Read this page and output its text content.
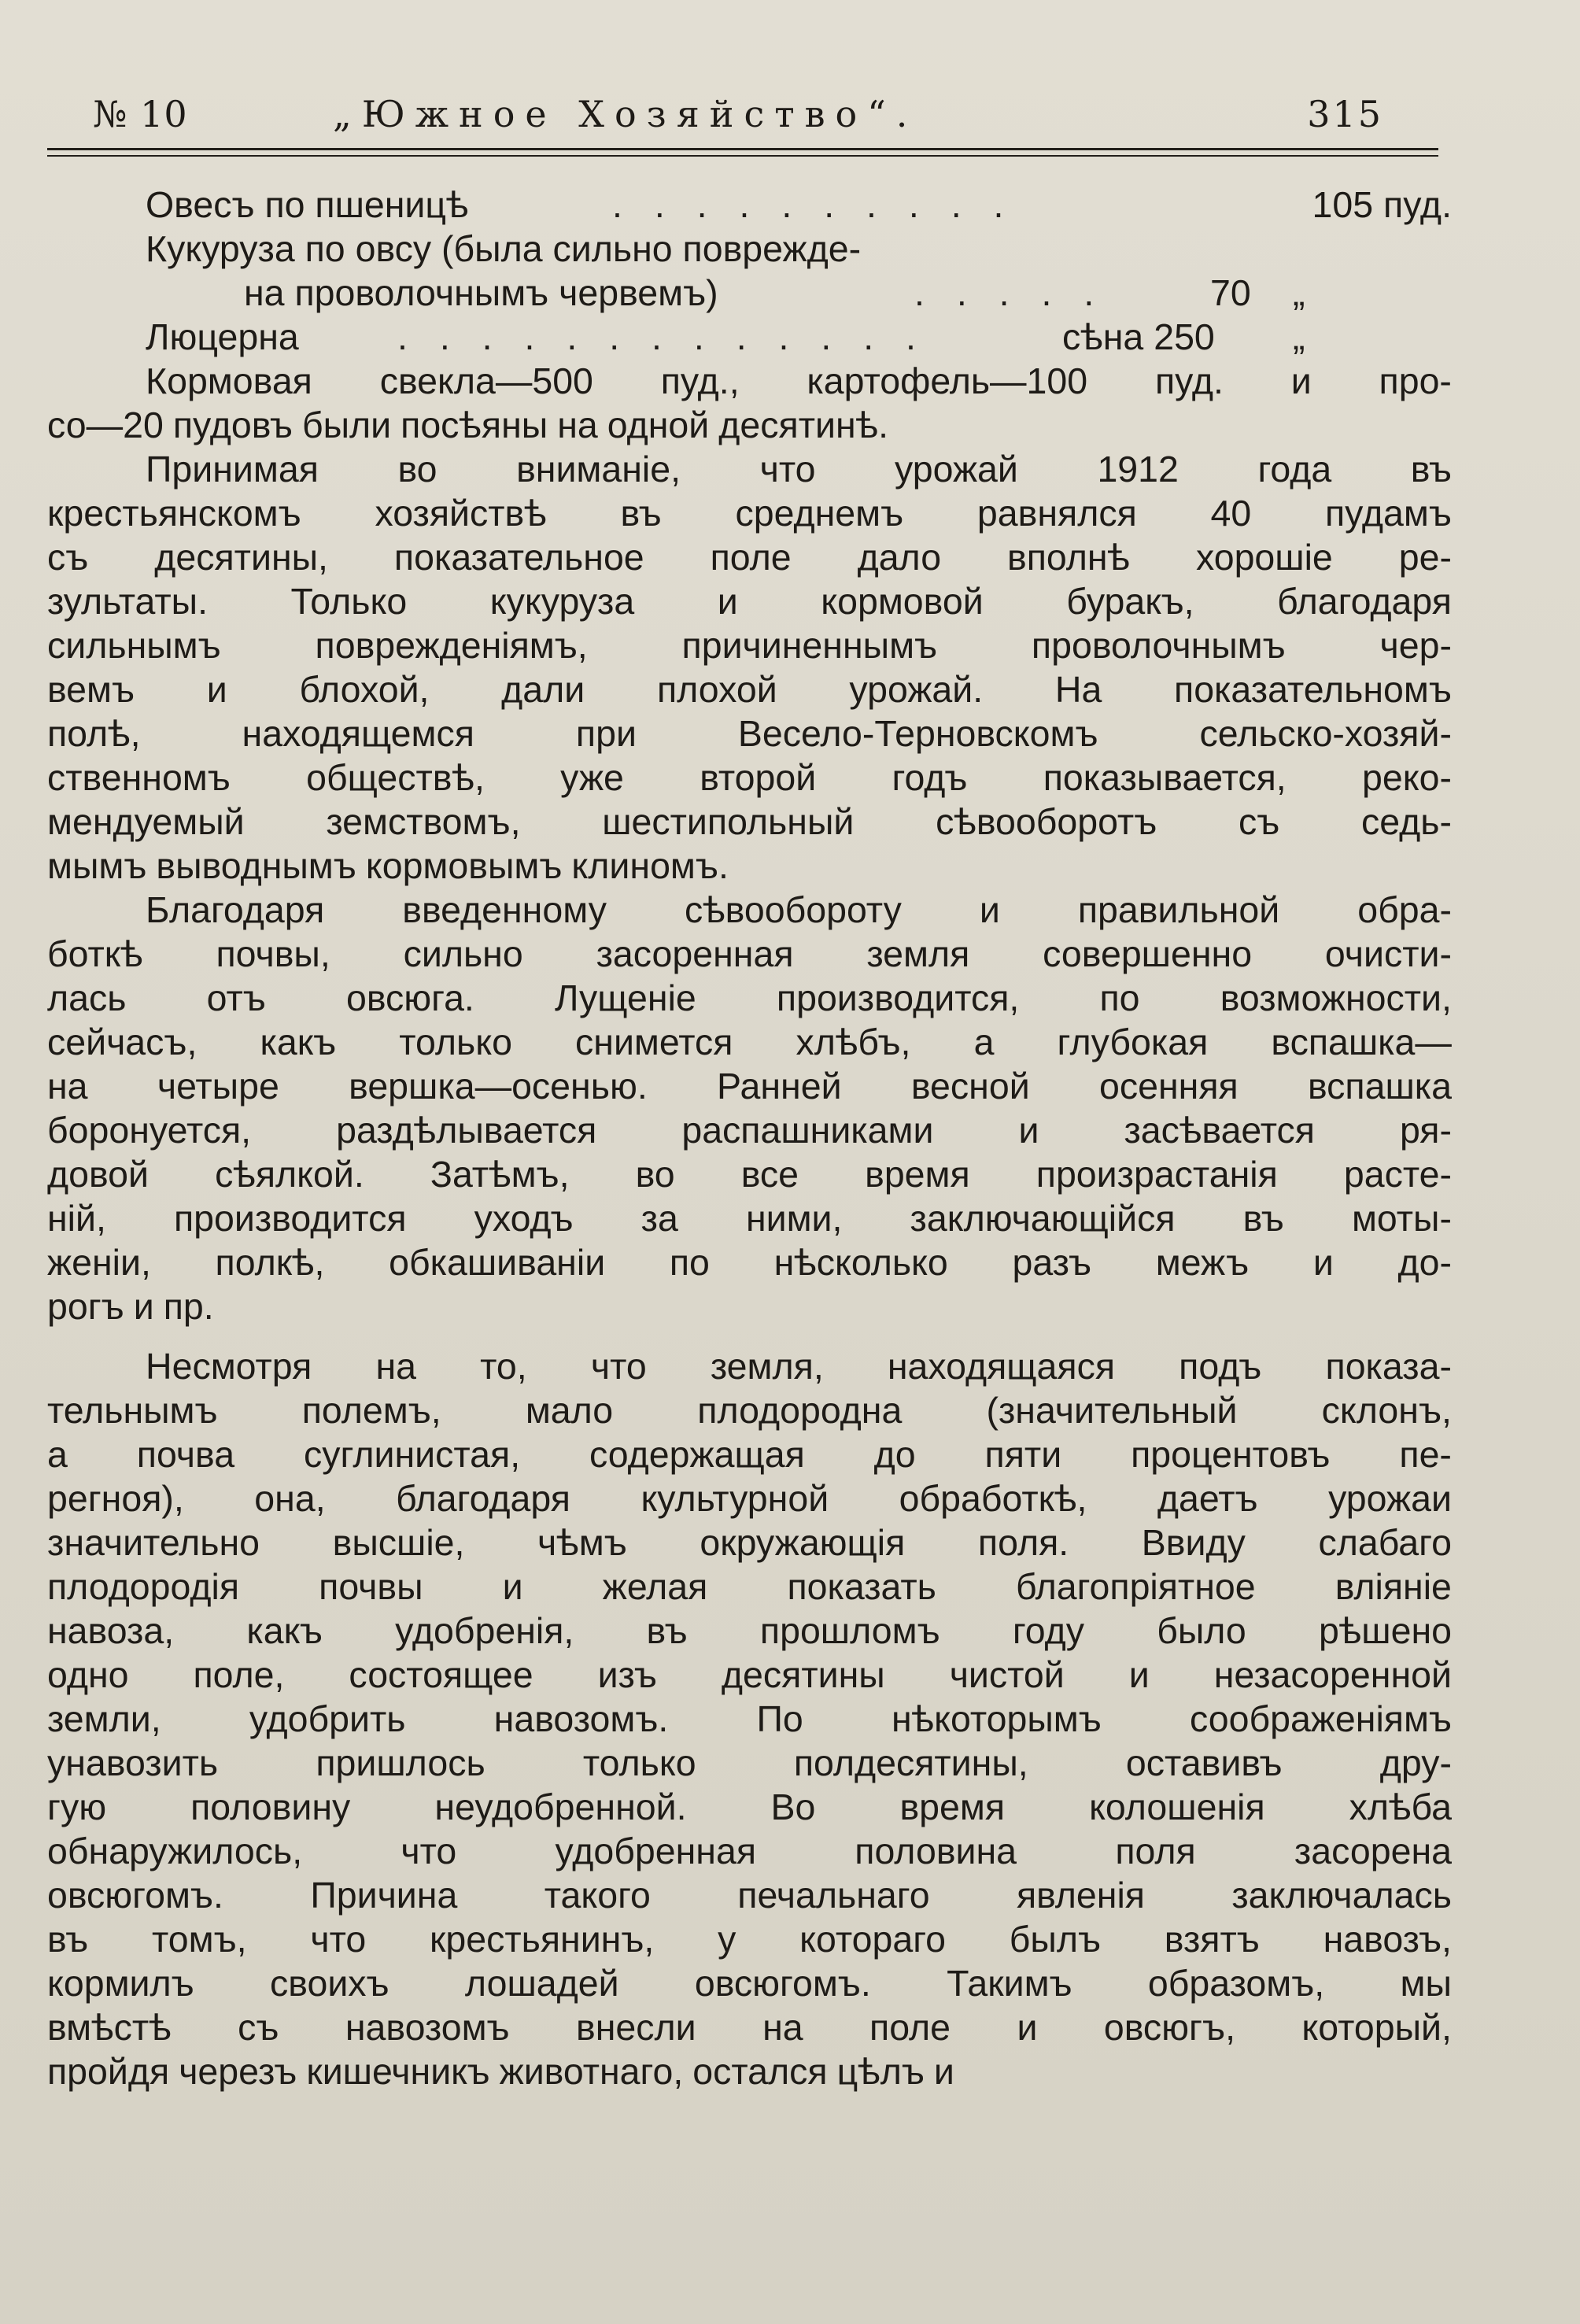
№ 10	„Южное Хозяйство“.	315
Овесъ по пшеницѣ	. . . . . . . . . .	105 пуд.
Кукуруза по овсу (была сильно поврежде-
на проволочнымъ червемъ)	. . . . .	70 „
Люцерна	. . . . . . . . . . . . .	сѣна 250 „
Кормовая свекла—500 пуд., картофель—100 пуд. и про-
со—20 пудовъ были посѣяны на одной десятинѣ.
Принимая во вниманіе, что урожай 1912 года въ
крестьянскомъ хозяйствѣ въ среднемъ равнялся 40 пудамъ
съ десятины, показательное поле дало вполнѣ хорошіе ре-
зультаты. Только кукуруза и кормовой буракъ, благодаря
сильнымъ	поврежденіямъ,	причиненнымъ	проволочнымъ	чер-
вемъ и блохой, дали плохой урожай. На показательномъ
полѣ,	находящемся	при	Весело-Терновскомъ	сельско-хозяй-
ственномъ обществѣ, уже второй годъ показывается, реко-
мендуемый земствомъ, шестипольный сѣвооборотъ съ седь-
мымъ выводнымъ кормовымъ клиномъ.
Благодаря введенному сѣвообороту и правильной обра-
боткѣ почвы, сильно засоренная земля совершенно очисти-
лась отъ овсюга. Лущеніе производится, по возможности,
сейчасъ, какъ только снимется хлѣбъ, а глубокая вспашка—
на четыре вершка—осенью. Ранней весной осенняя вспашка
боронуется, раздѣлывается распашниками и засѣвается ря-
довой сѣялкой. Затѣмъ, во все время произрастанія расте-
ній, производится уходъ за ними, заключающійся въ моты-
женіи, полкѣ, обкашиваніи по нѣсколько разъ межъ и до-
рогъ и пр.
Несмотря на то, что земля, находящаяся подъ показа-
тельнымъ полемъ, мало плодородна (значительный склонъ,
а почва суглинистая, содержащая до пяти процентовъ пе-
регноя), она, благодаря культурной обработкѣ, даетъ урожаи
значительно высшіе, чѣмъ окружающія поля. Ввиду слабаго
плодородія почвы и желая показать благопріятное вліяніе
навоза, какъ удобренія, въ прошломъ году было рѣшено
одно поле, состоящее изъ десятины чистой и незасоренной
земли, удобрить навозомъ. По нѣкоторымъ соображеніямъ
унавозить	пришлось	только	полдесятины,	оставивъ	дру-
гую половину неудобренной. Во время колошенія хлѣба
обнаружилось,	что	удобренная	половина	поля	засорена
овсюгомъ. Причина такого печальнаго явленія заключалась
въ томъ, что крестьянинъ, у котораго былъ взятъ навозъ,
кормилъ своихъ лошадей овсюгомъ. Такимъ образомъ, мы
вмѣстѣ съ навозомъ внесли на поле и овсюгъ, который,
пройдя черезъ кишечникъ животнаго, остался цѣлъ и
